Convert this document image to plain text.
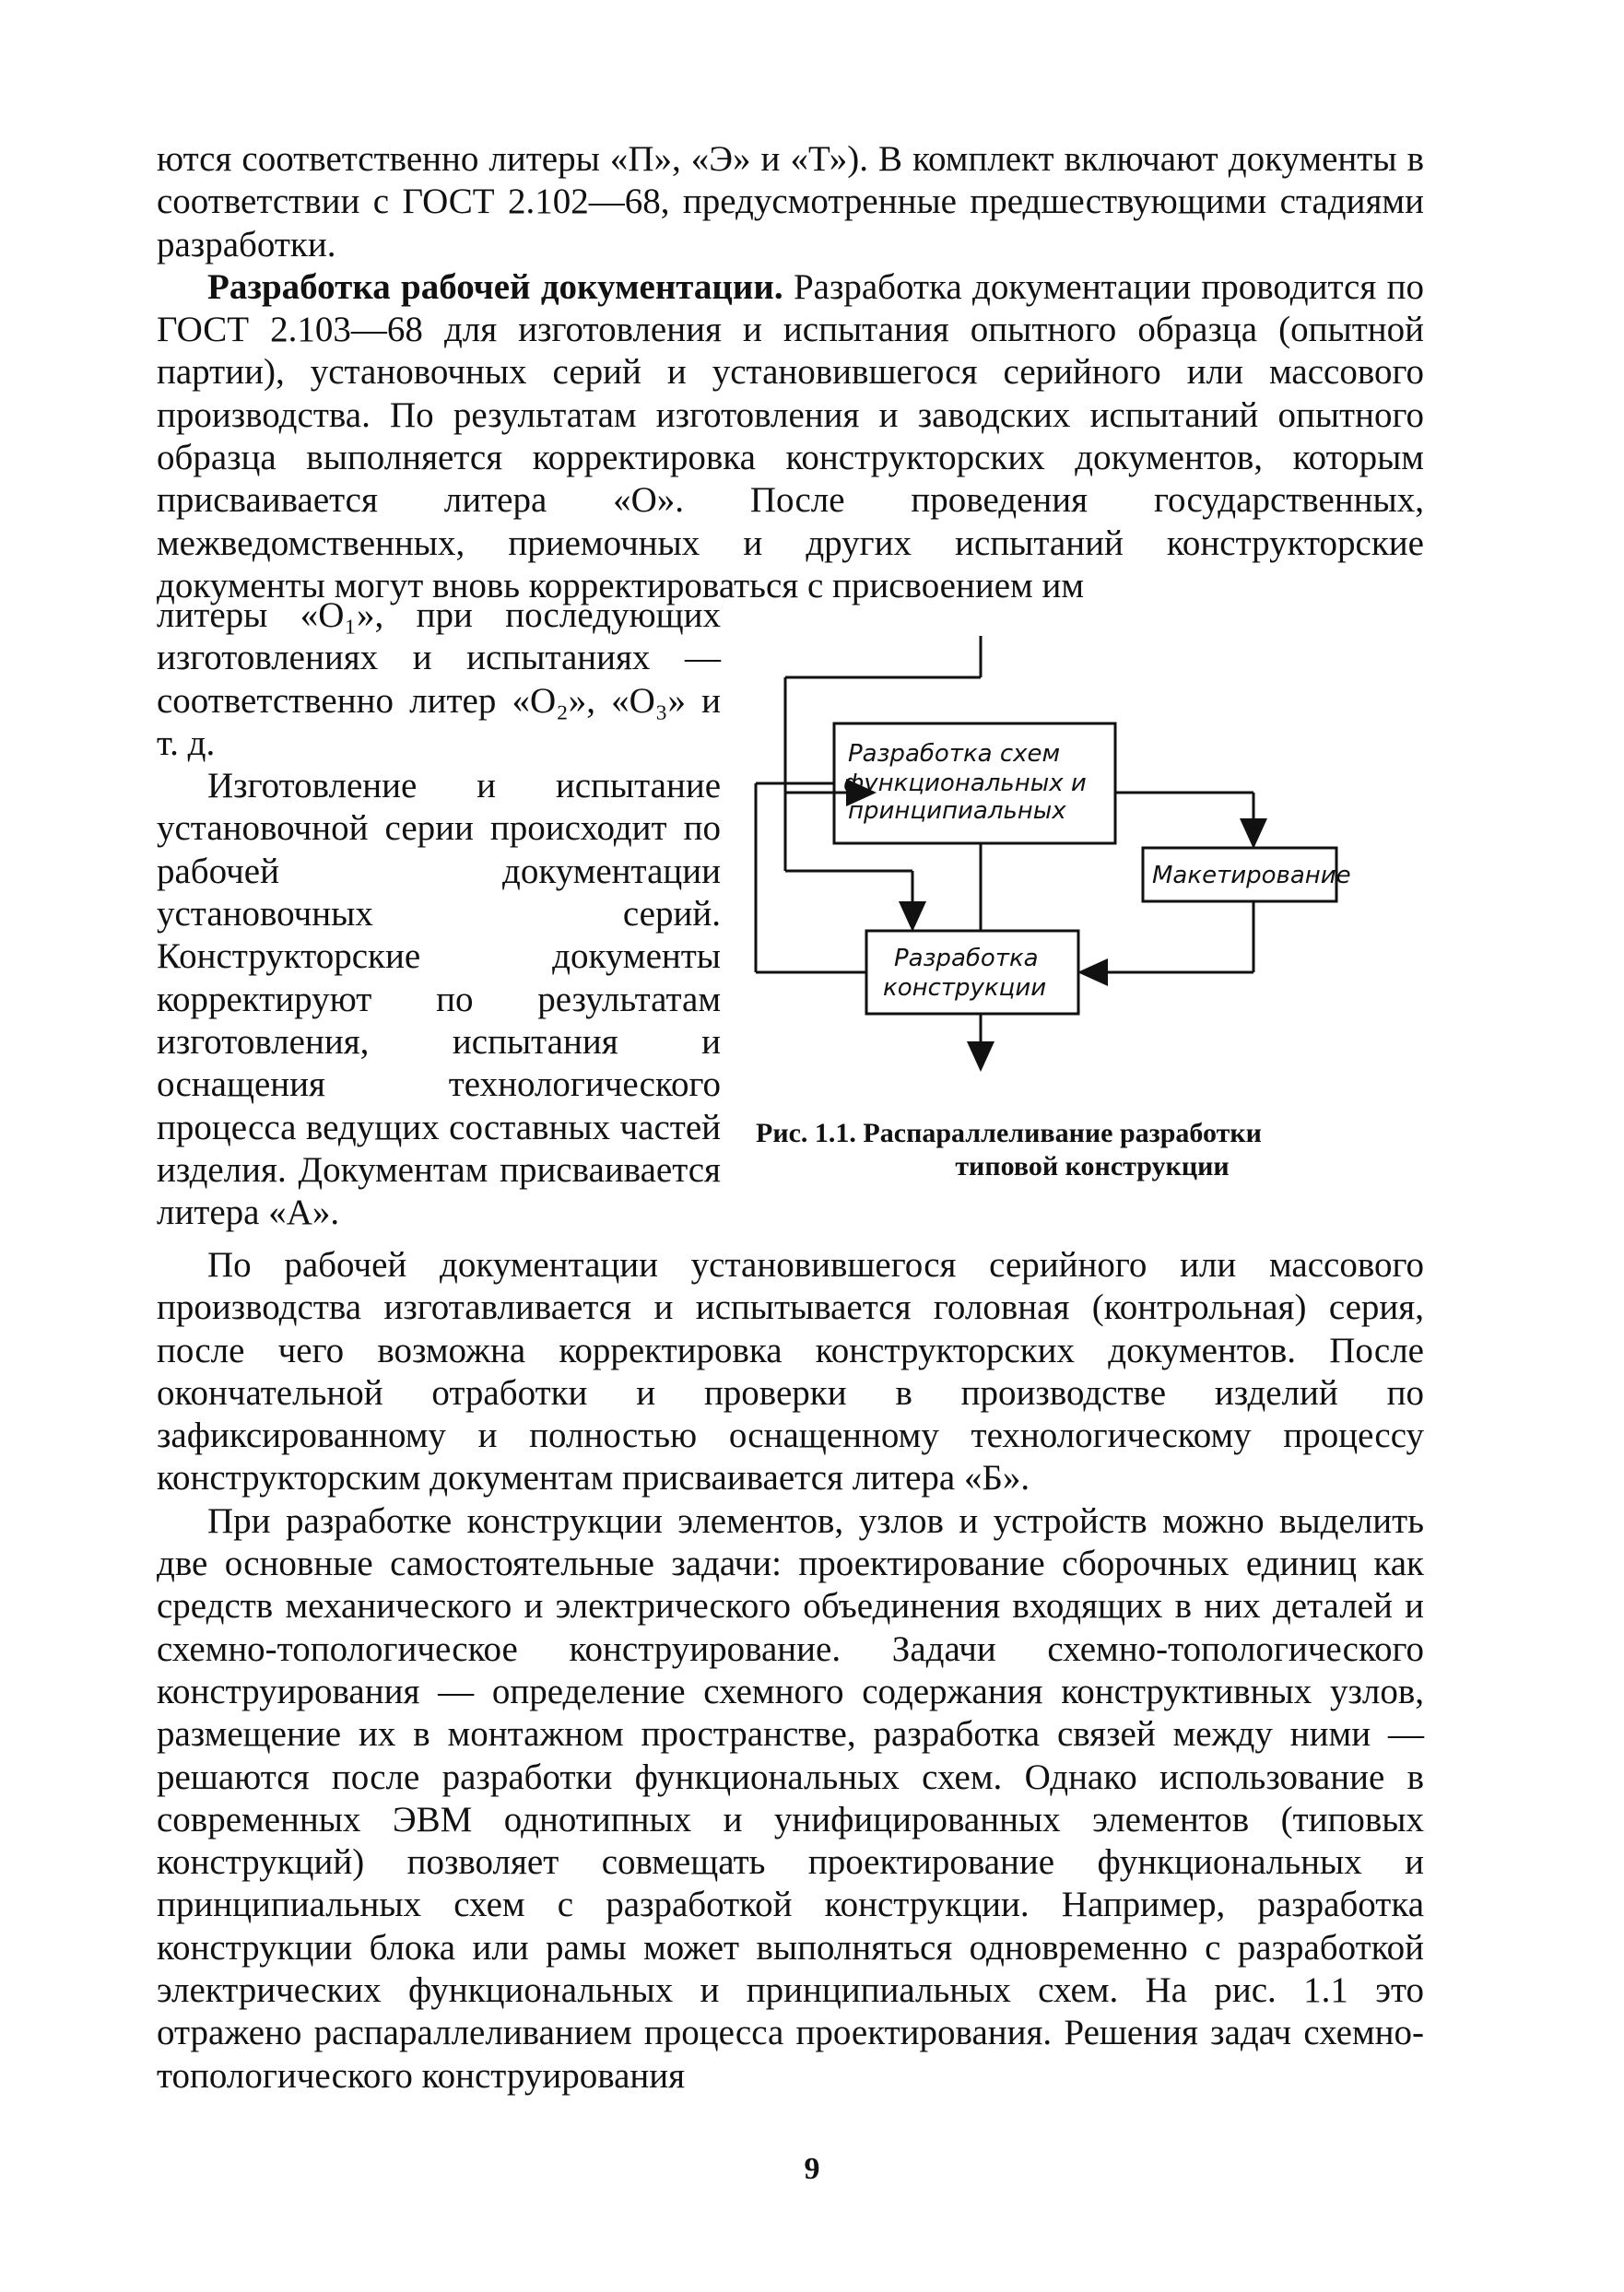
ются соответственно литеры «П», «Э» и «Т»). В комплект включают документы в соответствии с ГОСТ 2.102—68, предусмотренные предшествующими стадиями разработки.

Разработка рабочей документации. Разработка документации проводится по ГОСТ 2.103—68 для изготовления и испытания опытного образца (опытной партии), установочных серий и установившегося серийного или массового производства. По результатам изготовления и заводских испытаний опытного образца выполняется корректировка конструкторских документов, которым присваивается литера «О». После проведения государственных, межведомственных, приемочных и других испытаний конструкторские документы могут вновь корректироваться с присвоением им

литеры «О₁», при последующих изготовлениях и испытаниях — соответственно литер «О₂», «О₃» и т. д.

Изготовление и испытание установочной серии происходит по рабочей документации установочных серий. Конструкторские документы корректируют по результатам изготовления, испытания и оснащения технологического процесса ведущих составных частей изделия. Документам присваивается литера «А».

Разработка схем
функциональных и
принципиальных
Макетирование
Разработка
конструкции
Рис. 1.1. Распараллеливание разработки
типовой конструкции

По рабочей документации установившегося серийного или массового производства изготавливается и испытывается головная (контрольная) серия, после чего возможна корректировка конструкторских документов. После окончательной отработки и проверки в производстве изделий по зафиксированному и полностью оснащенному технологическому процессу конструкторским документам присваивается литера «Б».

При разработке конструкции элементов, узлов и устройств можно выделить две основные самостоятельные задачи: проектирование сборочных единиц как средств механического и электрического объединения входящих в них деталей и схемно-топологическое конструирование. Задачи схемно-топологического конструирования — определение схемного содержания конструктивных узлов, размещение их в монтажном пространстве, разработка связей между ними — решаются после разработки функциональных схем. Однако использование в современных ЭВМ однотипных и унифицированных элементов (типовых конструкций) позволяет совмещать проектирование функциональных и принципиальных схем с разработкой конструкции. Например, разработка конструкции блока или рамы может выполняться одновременно с разработкой электрических функциональных и принципиальных схем. На рис. 1.1 это отражено распараллеливанием процесса проектирования. Решения задач схемно-топологического конструирования

9
